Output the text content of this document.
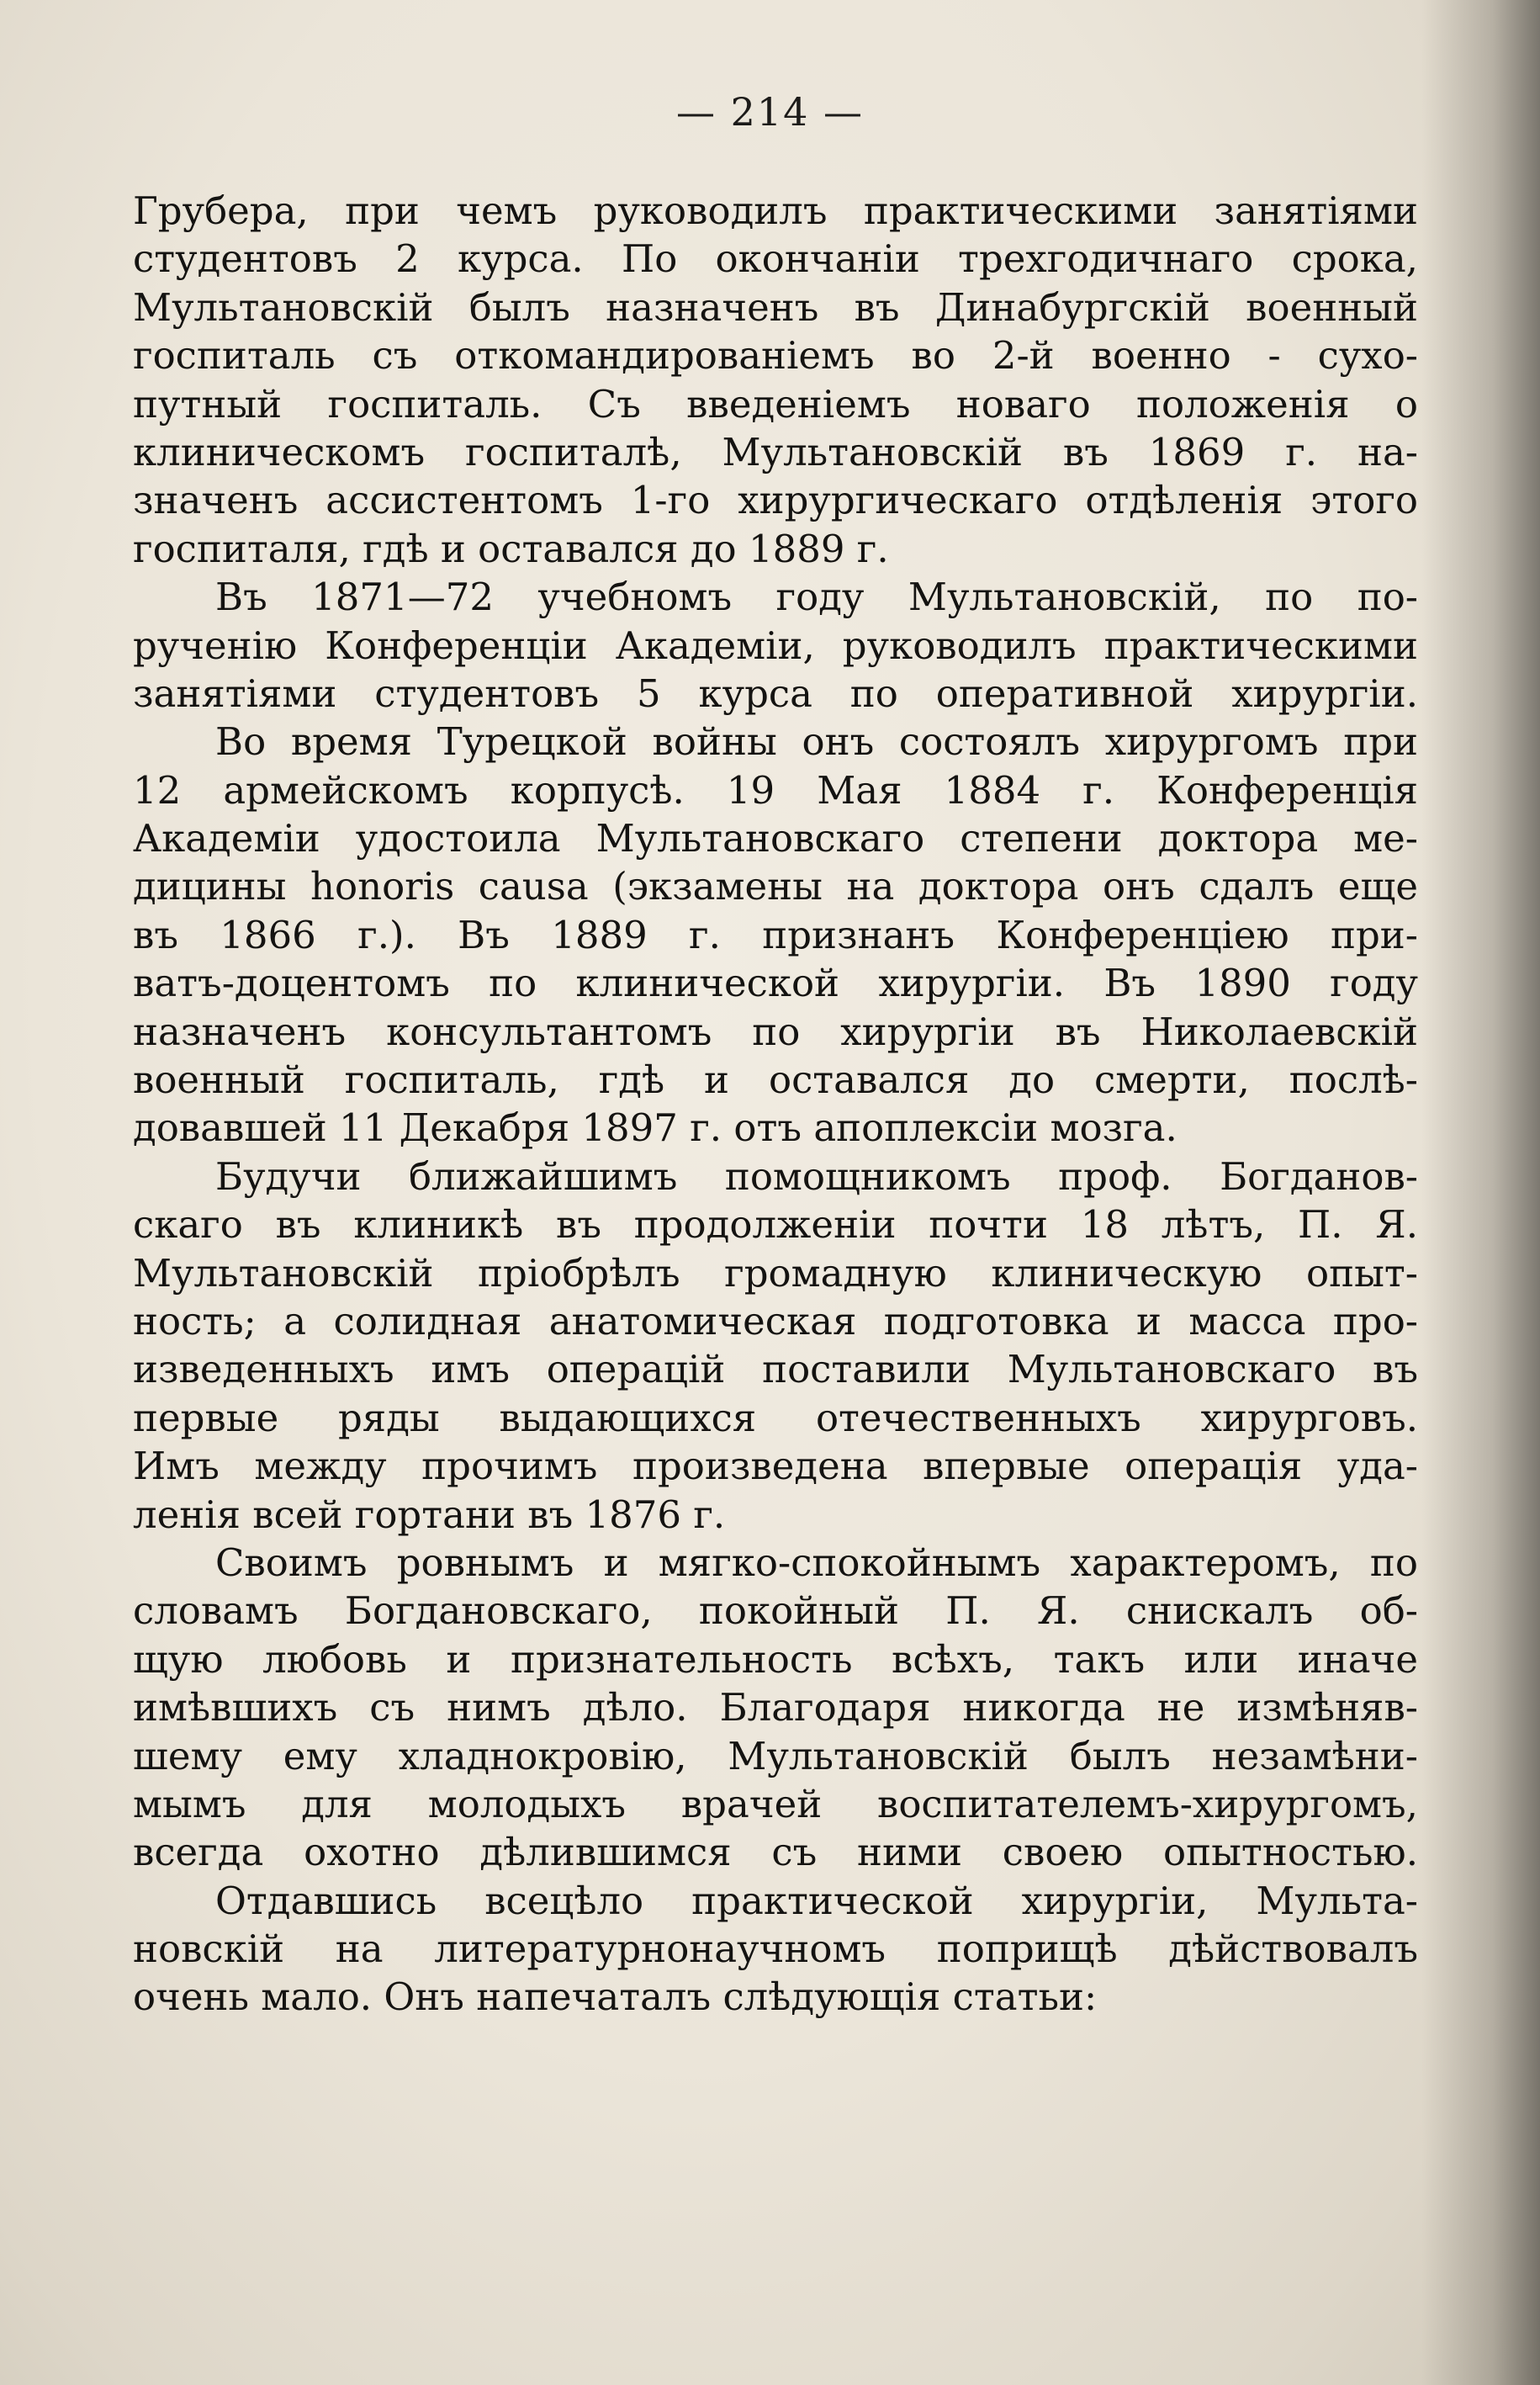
— 214 —
Грубера, при чемъ руководилъ практическими занятіями
студентовъ 2 курса. По окончаніи трехгодичнаго срока,
Мультановскій былъ назначенъ въ Динабургскій военный
госпиталь съ откомандированіемъ во 2-й военно - сухо-
путный госпиталь. Съ введеніемъ новаго положенія о
клиническомъ госпиталѣ, Мультановскій въ 1869 г. на-
значенъ ассистентомъ 1-го хирургическаго отдѣленія этого
госпиталя, гдѣ и оставался до 1889 г.
Въ 1871—72 учебномъ году Мультановскій, по по-
рученію Конференціи Академіи, руководилъ практическими
занятіями студентовъ 5 курса по оперативной хирургіи.
Во время Турецкой войны онъ состоялъ хирургомъ при
12 армейскомъ корпусѣ. 19 Мая 1884 г. Конференція
Академіи удостоила Мультановскаго степени доктора ме-
дицины honoris causa (экзамены на доктора онъ сдалъ еще
въ 1866 г.). Въ 1889 г. признанъ Конференціею при-
ватъ-доцентомъ по клинической хирургіи. Въ 1890 году
назначенъ консультантомъ по хирургіи въ Николаевскій
военный госпиталь, гдѣ и оставался до смерти, послѣ-
довавшей 11 Декабря 1897 г. отъ апоплексіи мозга.
Будучи ближайшимъ помощникомъ проф. Богданов-
скаго въ клиникѣ въ продолженіи почти 18 лѣтъ, П. Я.
Мультановскій пріобрѣлъ громадную клиническую опыт-
ность; а солидная анатомическая подготовка и масса про-
изведенныхъ имъ операцій поставили Мультановскаго въ
первые ряды выдающихся отечественныхъ хирурговъ.
Имъ между прочимъ произведена впервые операція уда-
ленія всей гортани въ 1876 г.
Своимъ ровнымъ и мягко-спокойнымъ характеромъ, по
словамъ Богдановскаго, покойный П. Я. снискалъ об-
щую любовь и признательность всѣхъ, такъ или иначе
имѣвшихъ съ нимъ дѣло. Благодаря никогда не измѣняв-
шему ему хладнокровію, Мультановскій былъ незамѣни-
мымъ для молодыхъ врачей воспитателемъ-хирургомъ,
всегда охотно дѣлившимся съ ними своею опытностью.
Отдавшись всецѣло практической хирургіи, Мульта-
новскій на литературнонаучномъ поприщѣ дѣйствовалъ
очень мало. Онъ напечаталъ слѣдующія статьи:
